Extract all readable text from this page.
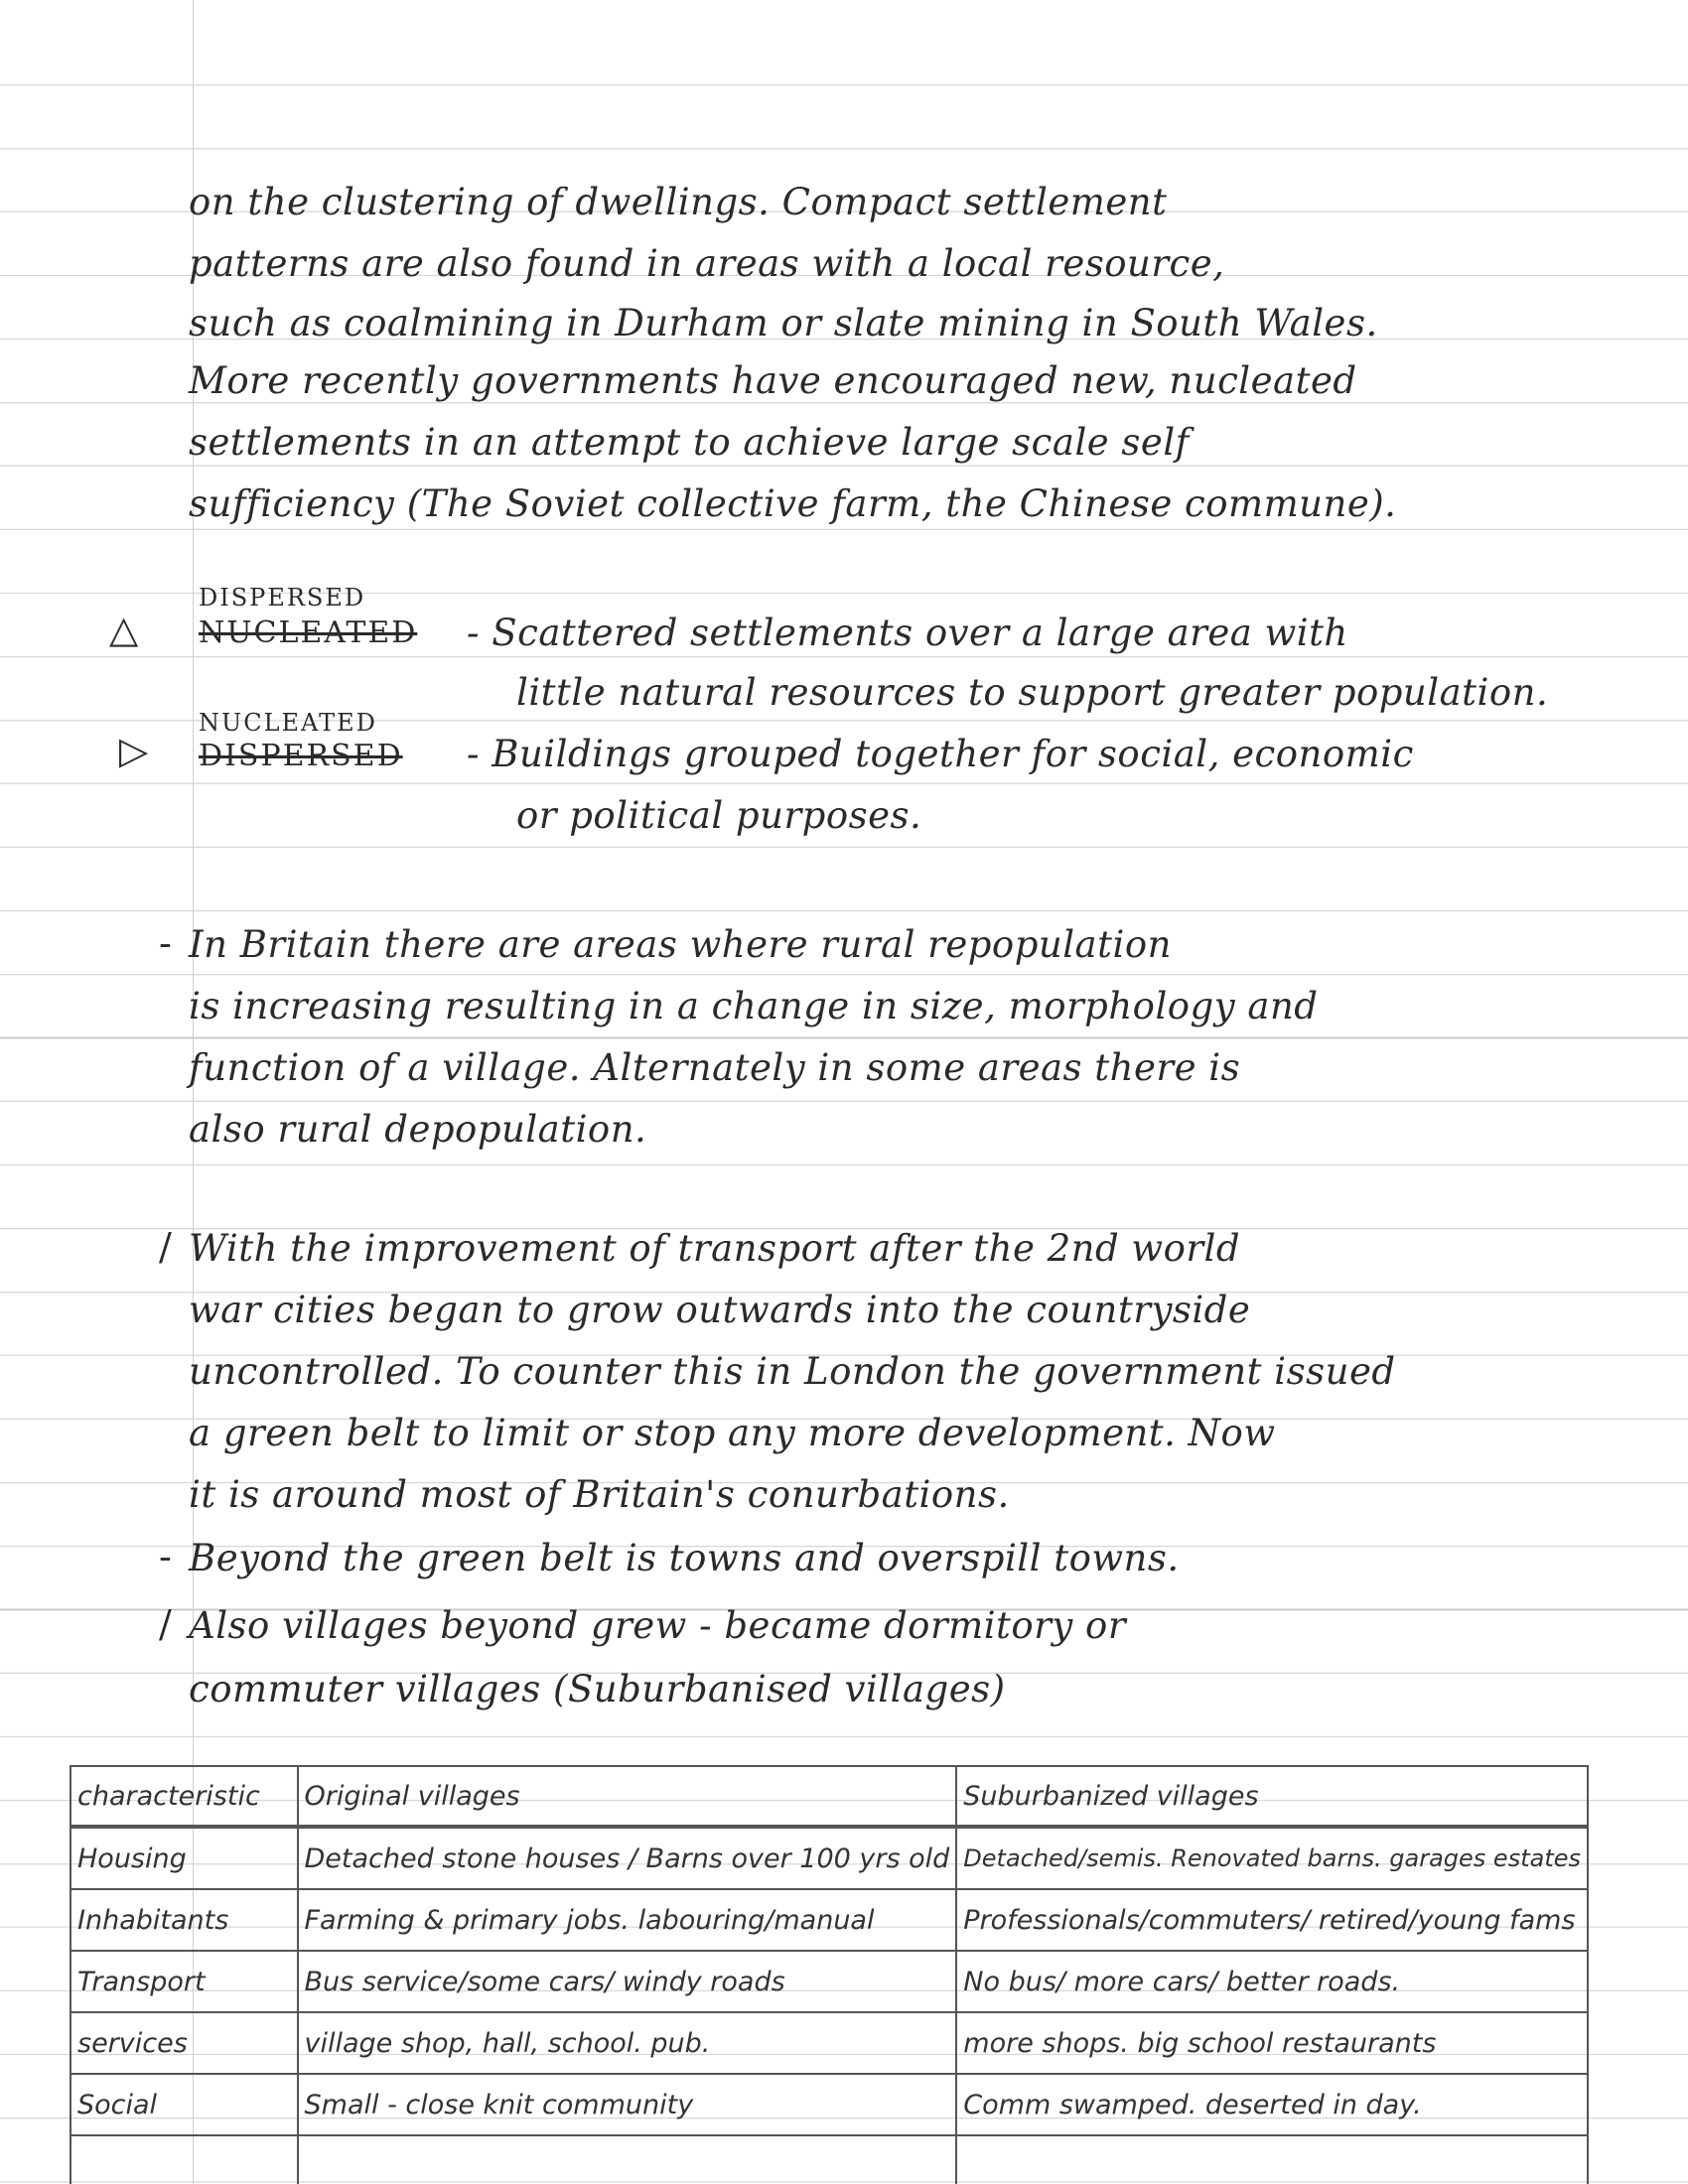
on the clustering of dwellings. Compact settlement
patterns are also found in areas with a local resource,
such as coalmining in Durham or slate mining in South Wales.
More recently governments have encouraged new, nucleated
settlements in an attempt to achieve large scale self
sufficiency (The Soviet collective farm, the Chinese commune).
△
DISPERSED
NUCLEATED - Scattered settlements over a large area with
little natural resources to support greater population.
▷
NUCLEATED
DISPERSED - Buildings grouped together for social, economic
or political purposes.
- In Britain there are areas where rural repopulation
is increasing resulting in a change in size, morphology and
function of a village. Alternately in some areas there is
also rural depopulation.
/ With the improvement of transport after the 2nd world
war cities began to grow outwards into the countryside
uncontrolled. To counter this in London the government issued
a green belt to limit or stop any more development. Now
it is around most of Britain's conurbations.
- Beyond the green belt is towns and overspill towns.
/ Also villages beyond grew - became dormitory or
commuter villages (Suburbanised villages)
characteristic	Original villages	Suburbanized villages
Housing	Detached stone houses / Barns over 100 yrs old	Detached/semis. Renovated barns. garages estates
Inhabitants	Farming & primary jobs. labouring/manual	Professionals/commuters/ retired/young fams
Transport	Bus service/some cars/ windy roads	No bus/ more cars/ better roads.
services	village shop, hall, school. pub.	more shops. big school restaurants
Social	Small - close knit community	Comm swamped. deserted in day.
